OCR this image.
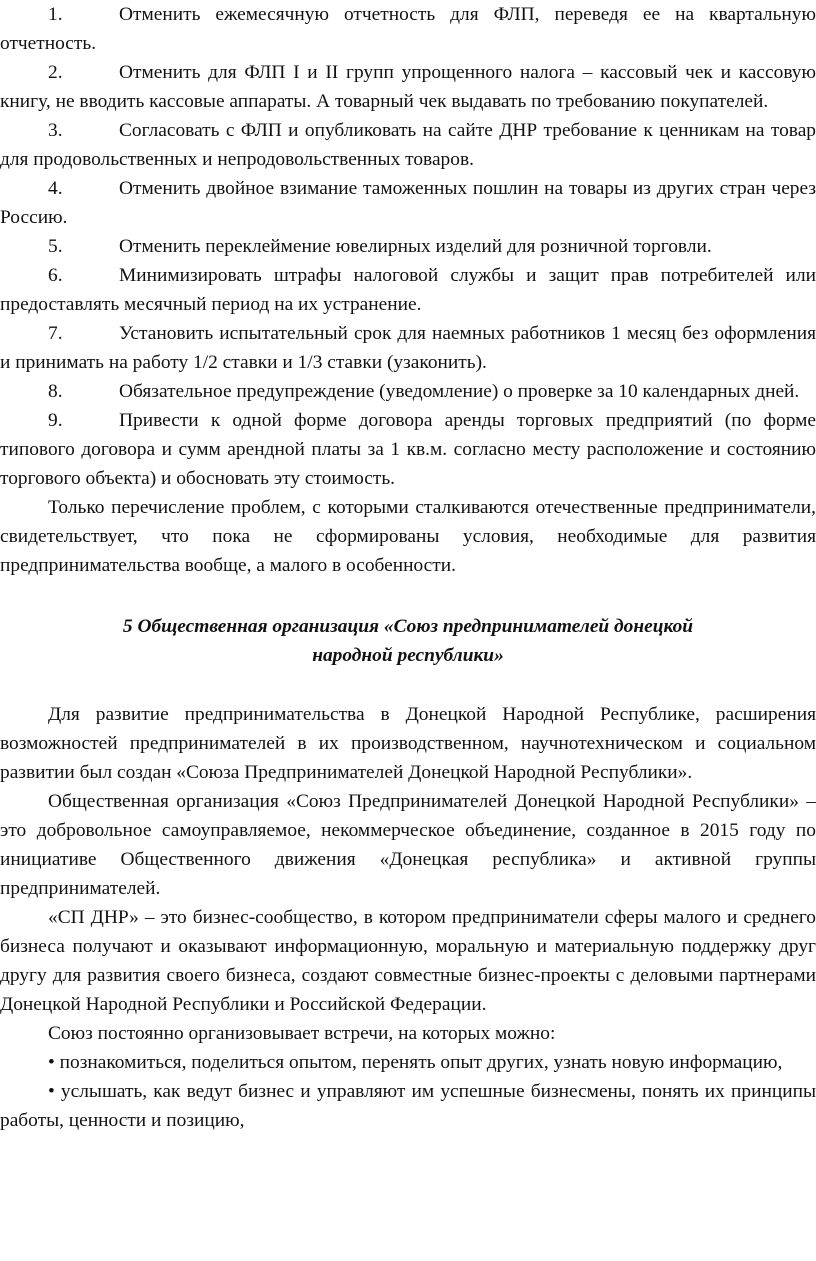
1.	Отменить ежемесячную отчетность для ФЛП, переведя ее на квартальную отчетность.

2.	Отменить для ФЛП I и II групп упрощенного налога – кассовый чек и кассовую книгу, не вводить кассовые аппараты. А товарный чек выдавать по требованию покупателей.

3.	Согласовать с ФЛП и опубликовать на сайте ДНР требование к ценникам на товар для продовольственных и непродовольственных товаров.

4.	Отменить двойное взимание таможенных пошлин на товары из других стран через Россию.

5.	Отменить переклеймение ювелирных изделий для розничной торговли.

6.	Минимизировать штрафы налоговой службы и защит прав потребителей или предоставлять месячный период на их устранение.

7.	Установить испытательный срок для наемных работников 1 месяц без оформления и принимать на работу 1/2 ставки и 1/3 ставки (узаконить).

8.	Обязательное предупреждение (уведомление) о проверке за 10 календарных дней.

9.	Привести к одной форме договора аренды торговых предприятий (по форме типового договора и сумм арендной платы за 1 кв.м. согласно месту расположение и состоянию торгового объекта) и обосновать эту стоимость.

Только перечисление проблем, с которыми сталкиваются отечественные предприниматели, свидетельствует, что пока не сформированы условия, необходимые для развития предпринимательства вообще, а малого в особенности.

5 Общественная организация «Союз предпринимателей донецкой
народной республики»

Для развитие предпринимательства в Донецкой Народной Республике, расширения возможностей предпринимателей в их производственном, научнотехническом и социальном развитии был создан «Союза Предпринимателей Донецкой Народной Республики».

Общественная организация «Союз Предпринимателей Донецкой Народной Республики» – это добровольное самоуправляемое, некоммерческое объединение, созданное в 2015 году по инициативе Общественного движения «Донецкая республика» и активной группы предпринимателей.

«СП ДНР» – это бизнес-сообщество, в котором предприниматели сферы малого и среднего бизнеса получают и оказывают информационную, моральную и материальную поддержку друг другу для развития своего бизнеса, создают совместные бизнес-проекты с деловыми партнерами Донецкой Народной Республики и Российской Федерации.

Союз постоянно организовывает встречи, на которых можно:

• познакомиться, поделиться опытом, перенять опыт других, узнать новую информацию,

• услышать, как ведут бизнес и управляют им успешные бизнесмены, понять их принципы работы, ценности и позицию,
